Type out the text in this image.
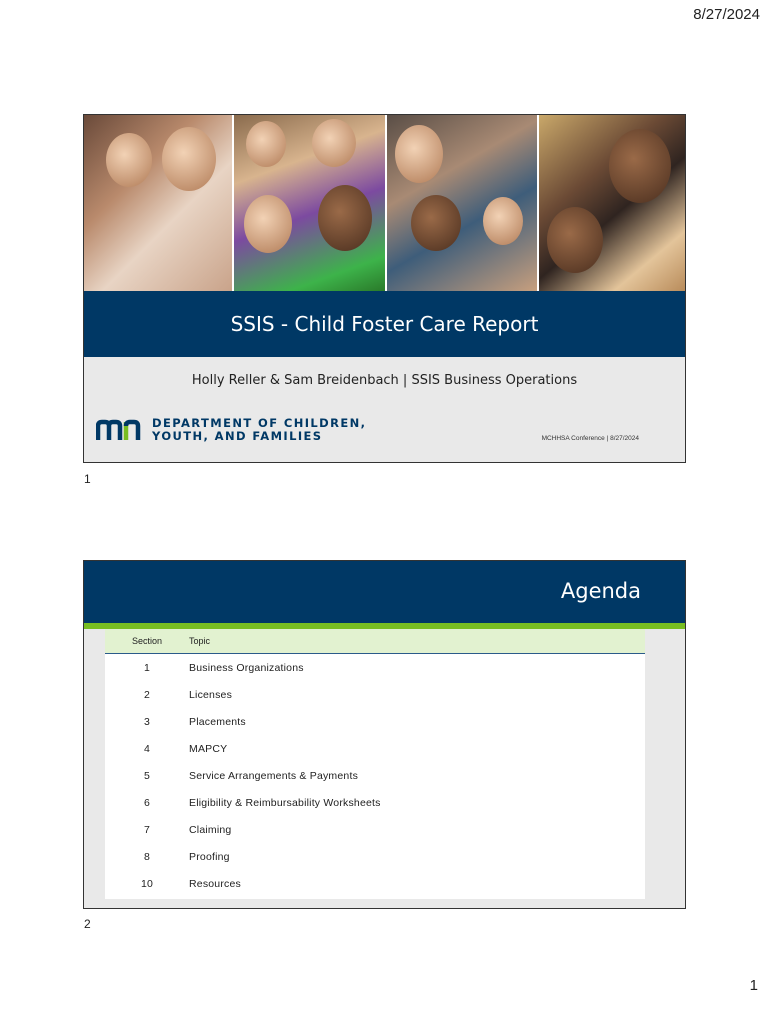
8/27/2024
SSIS - Child Foster Care Report
Holly Reller & Sam Breidenbach | SSIS Business Operations
DEPARTMENT OF CHILDREN,
YOUTH, AND FAMILIES	MCHHSA Conference | 8/27/2024
1
Agenda
Section	Topic
1	Business Organizations
2	Licenses
3	Placements
4	MAPCY
5	Service Arrangements & Payments
6	Eligibility & Reimbursability Worksheets
7	Claiming
8	Proofing
10	Resources
2
1
